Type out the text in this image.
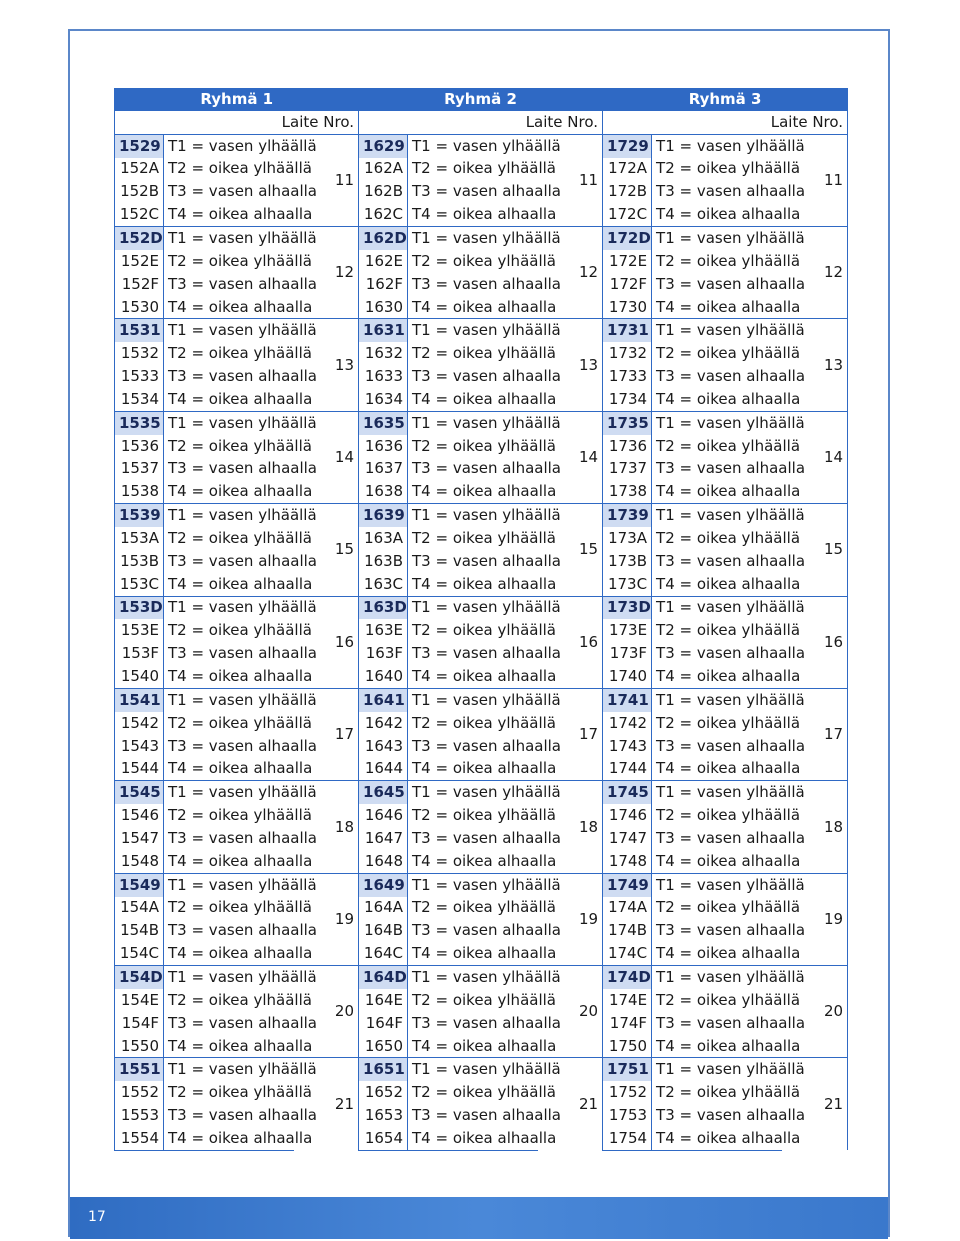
Ryhmä 1			Ryhmä 2			Ryhmä 3		
Laite Nro.			Laite Nro.			Laite Nro.		
1529	T1 = vasen ylhäällä	11	1629	T1 = vasen ylhäällä	11	1729	T1 = vasen ylhäällä	11
152A	T2 = oikea ylhäällä		162A	T2 = oikea ylhäällä		172A	T2 = oikea ylhäällä	
152B	T3 = vasen alhaalla		162B	T3 = vasen alhaalla		172B	T3 = vasen alhaalla	
152C	T4 = oikea alhaalla		162C	T4 = oikea alhaalla		172C	T4 = oikea alhaalla	
152D	T1 = vasen ylhäällä	12	162D	T1 = vasen ylhäällä	12	172D	T1 = vasen ylhäällä	12
152E	T2 = oikea ylhäällä		162E	T2 = oikea ylhäällä		172E	T2 = oikea ylhäällä	
152F	T3 = vasen alhaalla		162F	T3 = vasen alhaalla		172F	T3 = vasen alhaalla	
1530	T4 = oikea alhaalla		1630	T4 = oikea alhaalla		1730	T4 = oikea alhaalla	
1531	T1 = vasen ylhäällä	13	1631	T1 = vasen ylhäällä	13	1731	T1 = vasen ylhäällä	13
1532	T2 = oikea ylhäällä		1632	T2 = oikea ylhäällä		1732	T2 = oikea ylhäällä	
1533	T3 = vasen alhaalla		1633	T3 = vasen alhaalla		1733	T3 = vasen alhaalla	
1534	T4 = oikea alhaalla		1634	T4 = oikea alhaalla		1734	T4 = oikea alhaalla	
1535	T1 = vasen ylhäällä	14	1635	T1 = vasen ylhäällä	14	1735	T1 = vasen ylhäällä	14
1536	T2 = oikea ylhäällä		1636	T2 = oikea ylhäällä		1736	T2 = oikea ylhäällä	
1537	T3 = vasen alhaalla		1637	T3 = vasen alhaalla		1737	T3 = vasen alhaalla	
1538	T4 = oikea alhaalla		1638	T4 = oikea alhaalla		1738	T4 = oikea alhaalla	
1539	T1 = vasen ylhäällä	15	1639	T1 = vasen ylhäällä	15	1739	T1 = vasen ylhäällä	15
153A	T2 = oikea ylhäällä		163A	T2 = oikea ylhäällä		173A	T2 = oikea ylhäällä	
153B	T3 = vasen alhaalla		163B	T3 = vasen alhaalla		173B	T3 = vasen alhaalla	
153C	T4 = oikea alhaalla		163C	T4 = oikea alhaalla		173C	T4 = oikea alhaalla	
153D	T1 = vasen ylhäällä	16	163D	T1 = vasen ylhäällä	16	173D	T1 = vasen ylhäällä	16
153E	T2 = oikea ylhäällä		163E	T2 = oikea ylhäällä		173E	T2 = oikea ylhäällä	
153F	T3 = vasen alhaalla		163F	T3 = vasen alhaalla		173F	T3 = vasen alhaalla	
1540	T4 = oikea alhaalla		1640	T4 = oikea alhaalla		1740	T4 = oikea alhaalla	
1541	T1 = vasen ylhäällä	17	1641	T1 = vasen ylhäällä	17	1741	T1 = vasen ylhäällä	17
1542	T2 = oikea ylhäällä		1642	T2 = oikea ylhäällä		1742	T2 = oikea ylhäällä	
1543	T3 = vasen alhaalla		1643	T3 = vasen alhaalla		1743	T3 = vasen alhaalla	
1544	T4 = oikea alhaalla		1644	T4 = oikea alhaalla		1744	T4 = oikea alhaalla	
1545	T1 = vasen ylhäällä	18	1645	T1 = vasen ylhäällä	18	1745	T1 = vasen ylhäällä	18
1546	T2 = oikea ylhäällä		1646	T2 = oikea ylhäällä		1746	T2 = oikea ylhäällä	
1547	T3 = vasen alhaalla		1647	T3 = vasen alhaalla		1747	T3 = vasen alhaalla	
1548	T4 = oikea alhaalla		1648	T4 = oikea alhaalla		1748	T4 = oikea alhaalla	
1549	T1 = vasen ylhäällä	19	1649	T1 = vasen ylhäällä	19	1749	T1 = vasen ylhäällä	19
154A	T2 = oikea ylhäällä		164A	T2 = oikea ylhäällä		174A	T2 = oikea ylhäällä	
154B	T3 = vasen alhaalla		164B	T3 = vasen alhaalla		174B	T3 = vasen alhaalla	
154C	T4 = oikea alhaalla		164C	T4 = oikea alhaalla		174C	T4 = oikea alhaalla	
154D	T1 = vasen ylhäällä	20	164D	T1 = vasen ylhäällä	20	174D	T1 = vasen ylhäällä	20
154E	T2 = oikea ylhäällä		164E	T2 = oikea ylhäällä		174E	T2 = oikea ylhäällä	
154F	T3 = vasen alhaalla		164F	T3 = vasen alhaalla		174F	T3 = vasen alhaalla	
1550	T4 = oikea alhaalla		1650	T4 = oikea alhaalla		1750	T4 = oikea alhaalla	
1551	T1 = vasen ylhäällä	21	1651	T1 = vasen ylhäällä	21	1751	T1 = vasen ylhäällä	21
1552	T2 = oikea ylhäällä		1652	T2 = oikea ylhäällä		1752	T2 = oikea ylhäällä	
1553	T3 = vasen alhaalla		1653	T3 = vasen alhaalla		1753	T3 = vasen alhaalla	
1554	T4 = oikea alhaalla		1654	T4 = oikea alhaalla		1754	T4 = oikea alhaalla	
17
